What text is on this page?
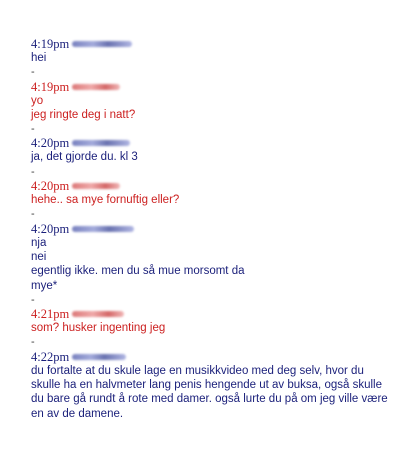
4:19pm
hei
-
4:19pm
yo
jeg ringte deg i natt?
-
4:20pm
ja, det gjorde du. kl 3
-
4:20pm
hehe.. sa mye fornuftig eller?
-
4:20pm
nja
nei
egentlig ikke. men du så mue morsomt da
mye*
-
4:21pm
som? husker ingenting jeg
-
4:22pm
du fortalte at du skule lage en musikkvideo med deg selv, hvor du skulle ha en halvmeter lang penis hengende ut av buksa, også skulle du bare gå rundt å rote med damer. også lurte du på om jeg ville være en av de damene.
